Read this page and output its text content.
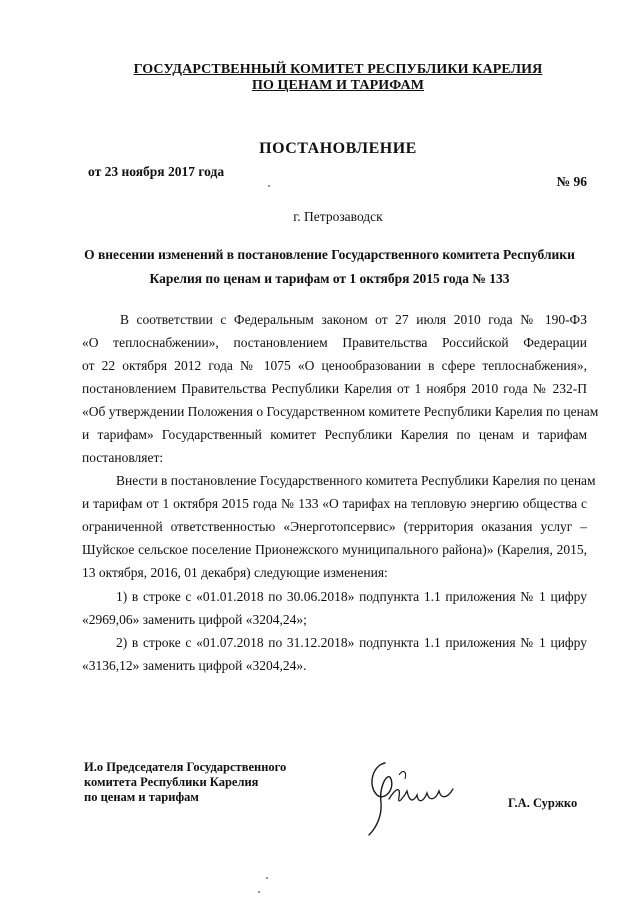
ГОСУДАРСТВЕННЫЙ КОМИТЕТ РЕСПУБЛИКИ КАРЕЛИЯ
ПО ЦЕНАМ И ТАРИФАМ
ПОСТАНОВЛЕНИЕ
от 23 ноября 2017 года
№ 96
г. Петрозаводск
О внесении изменений в постановление Государственного комитета Республики
Карелия по ценам и тарифам от 1 октября 2015 года № 133
В соответствии с Федеральным законом от 27 июля 2010 года № 190-ФЗ
«О теплоснабжении», постановлением Правительства Российской Федерации
от 22 октября 2012 года № 1075 «О ценообразовании в сфере теплоснабжения»,
постановлением Правительства Республики Карелия от 1 ноября 2010 года № 232-П
«Об утверждении Положения о Государственном комитете Республики Карелия по ценам
и тарифам» Государственный комитет Республики Карелия по ценам и тарифам
постановляет:
Внести в постановление Государственного комитета Республики Карелия по ценам
и тарифам от 1 октября 2015 года № 133 «О тарифах на тепловую энергию общества с
ограниченной ответственностью «Энерготопсервис» (территория оказания услуг –
Шуйское сельское поселение Прионежского муниципального района)» (Карелия, 2015,
13 октября, 2016, 01 декабря) следующие изменения:
1) в строке с «01.01.2018 по 30.06.2018» подпункта 1.1 приложения № 1 цифру
«2969,06» заменить цифрой «3204,24»;
2) в строке с «01.07.2018 по 31.12.2018» подпункта 1.1 приложения № 1 цифру
«3136,12» заменить цифрой «3204,24».
И.о Председателя Государственного
комитета Республики Карелия
по ценам и тарифам	Г.А. Суржко
